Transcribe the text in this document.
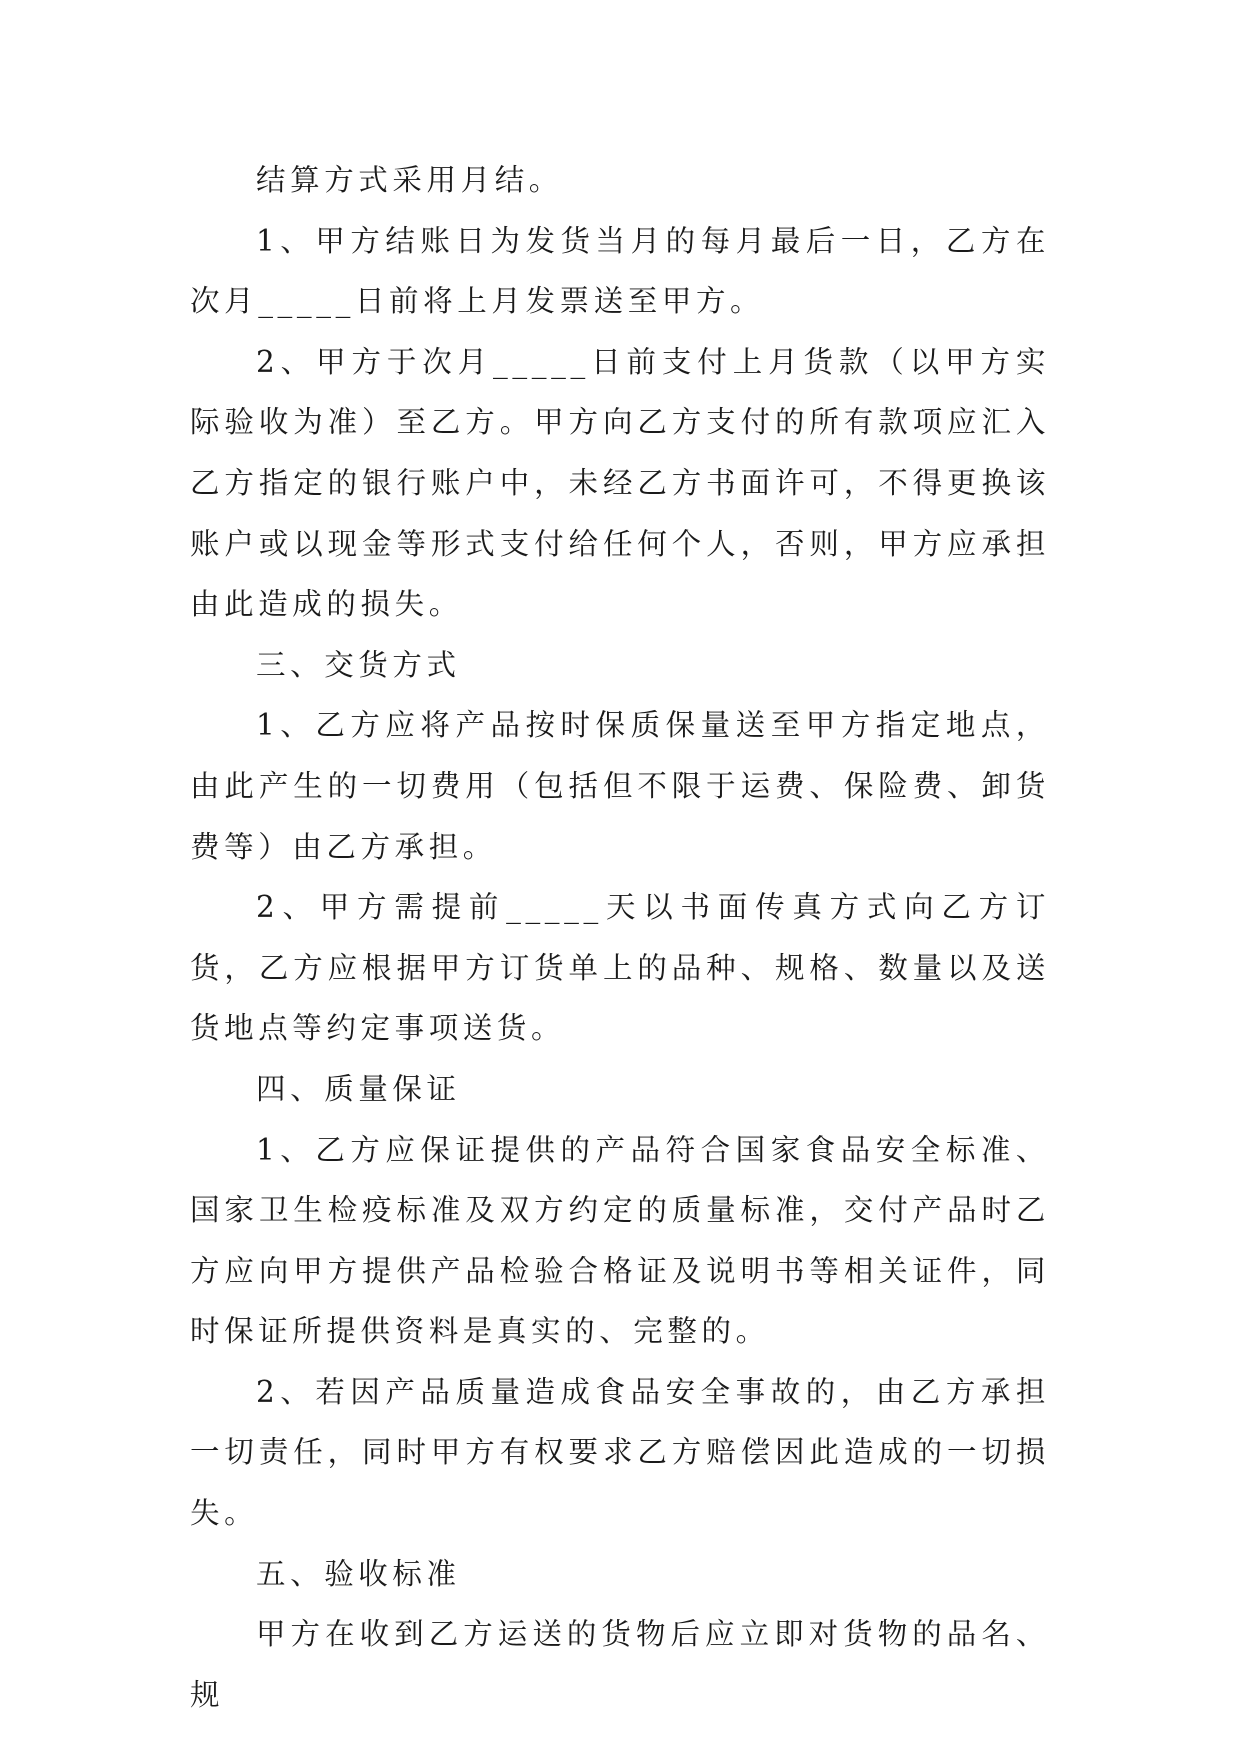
结算方式采用月结。

1、甲方结账日为发货当月的每月最后一日，乙方在次月_____日前将上月发票送至甲方。

2、甲方于次月_____日前支付上月货款（以甲方实际验收为准）至乙方。甲方向乙方支付的所有款项应汇入乙方指定的银行账户中，未经乙方书面许可，不得更换该账户或以现金等形式支付给任何个人，否则，甲方应承担由此造成的损失。

三、交货方式

1、乙方应将产品按时保质保量送至甲方指定地点，由此产生的一切费用（包括但不限于运费、保险费、卸货费等）由乙方承担。

2、甲方需提前_____天以书面传真方式向乙方订货，乙方应根据甲方订货单上的品种、规格、数量以及送货地点等约定事项送货。

四、质量保证

1、乙方应保证提供的产品符合国家食品安全标准、国家卫生检疫标准及双方约定的质量标准，交付产品时乙方应向甲方提供产品检验合格证及说明书等相关证件，同时保证所提供资料是真实的、完整的。

2、若因产品质量造成食品安全事故的，由乙方承担一切责任，同时甲方有权要求乙方赔偿因此造成的一切损失。

五、验收标准

甲方在收到乙方运送的货物后应立即对货物的品名、规
